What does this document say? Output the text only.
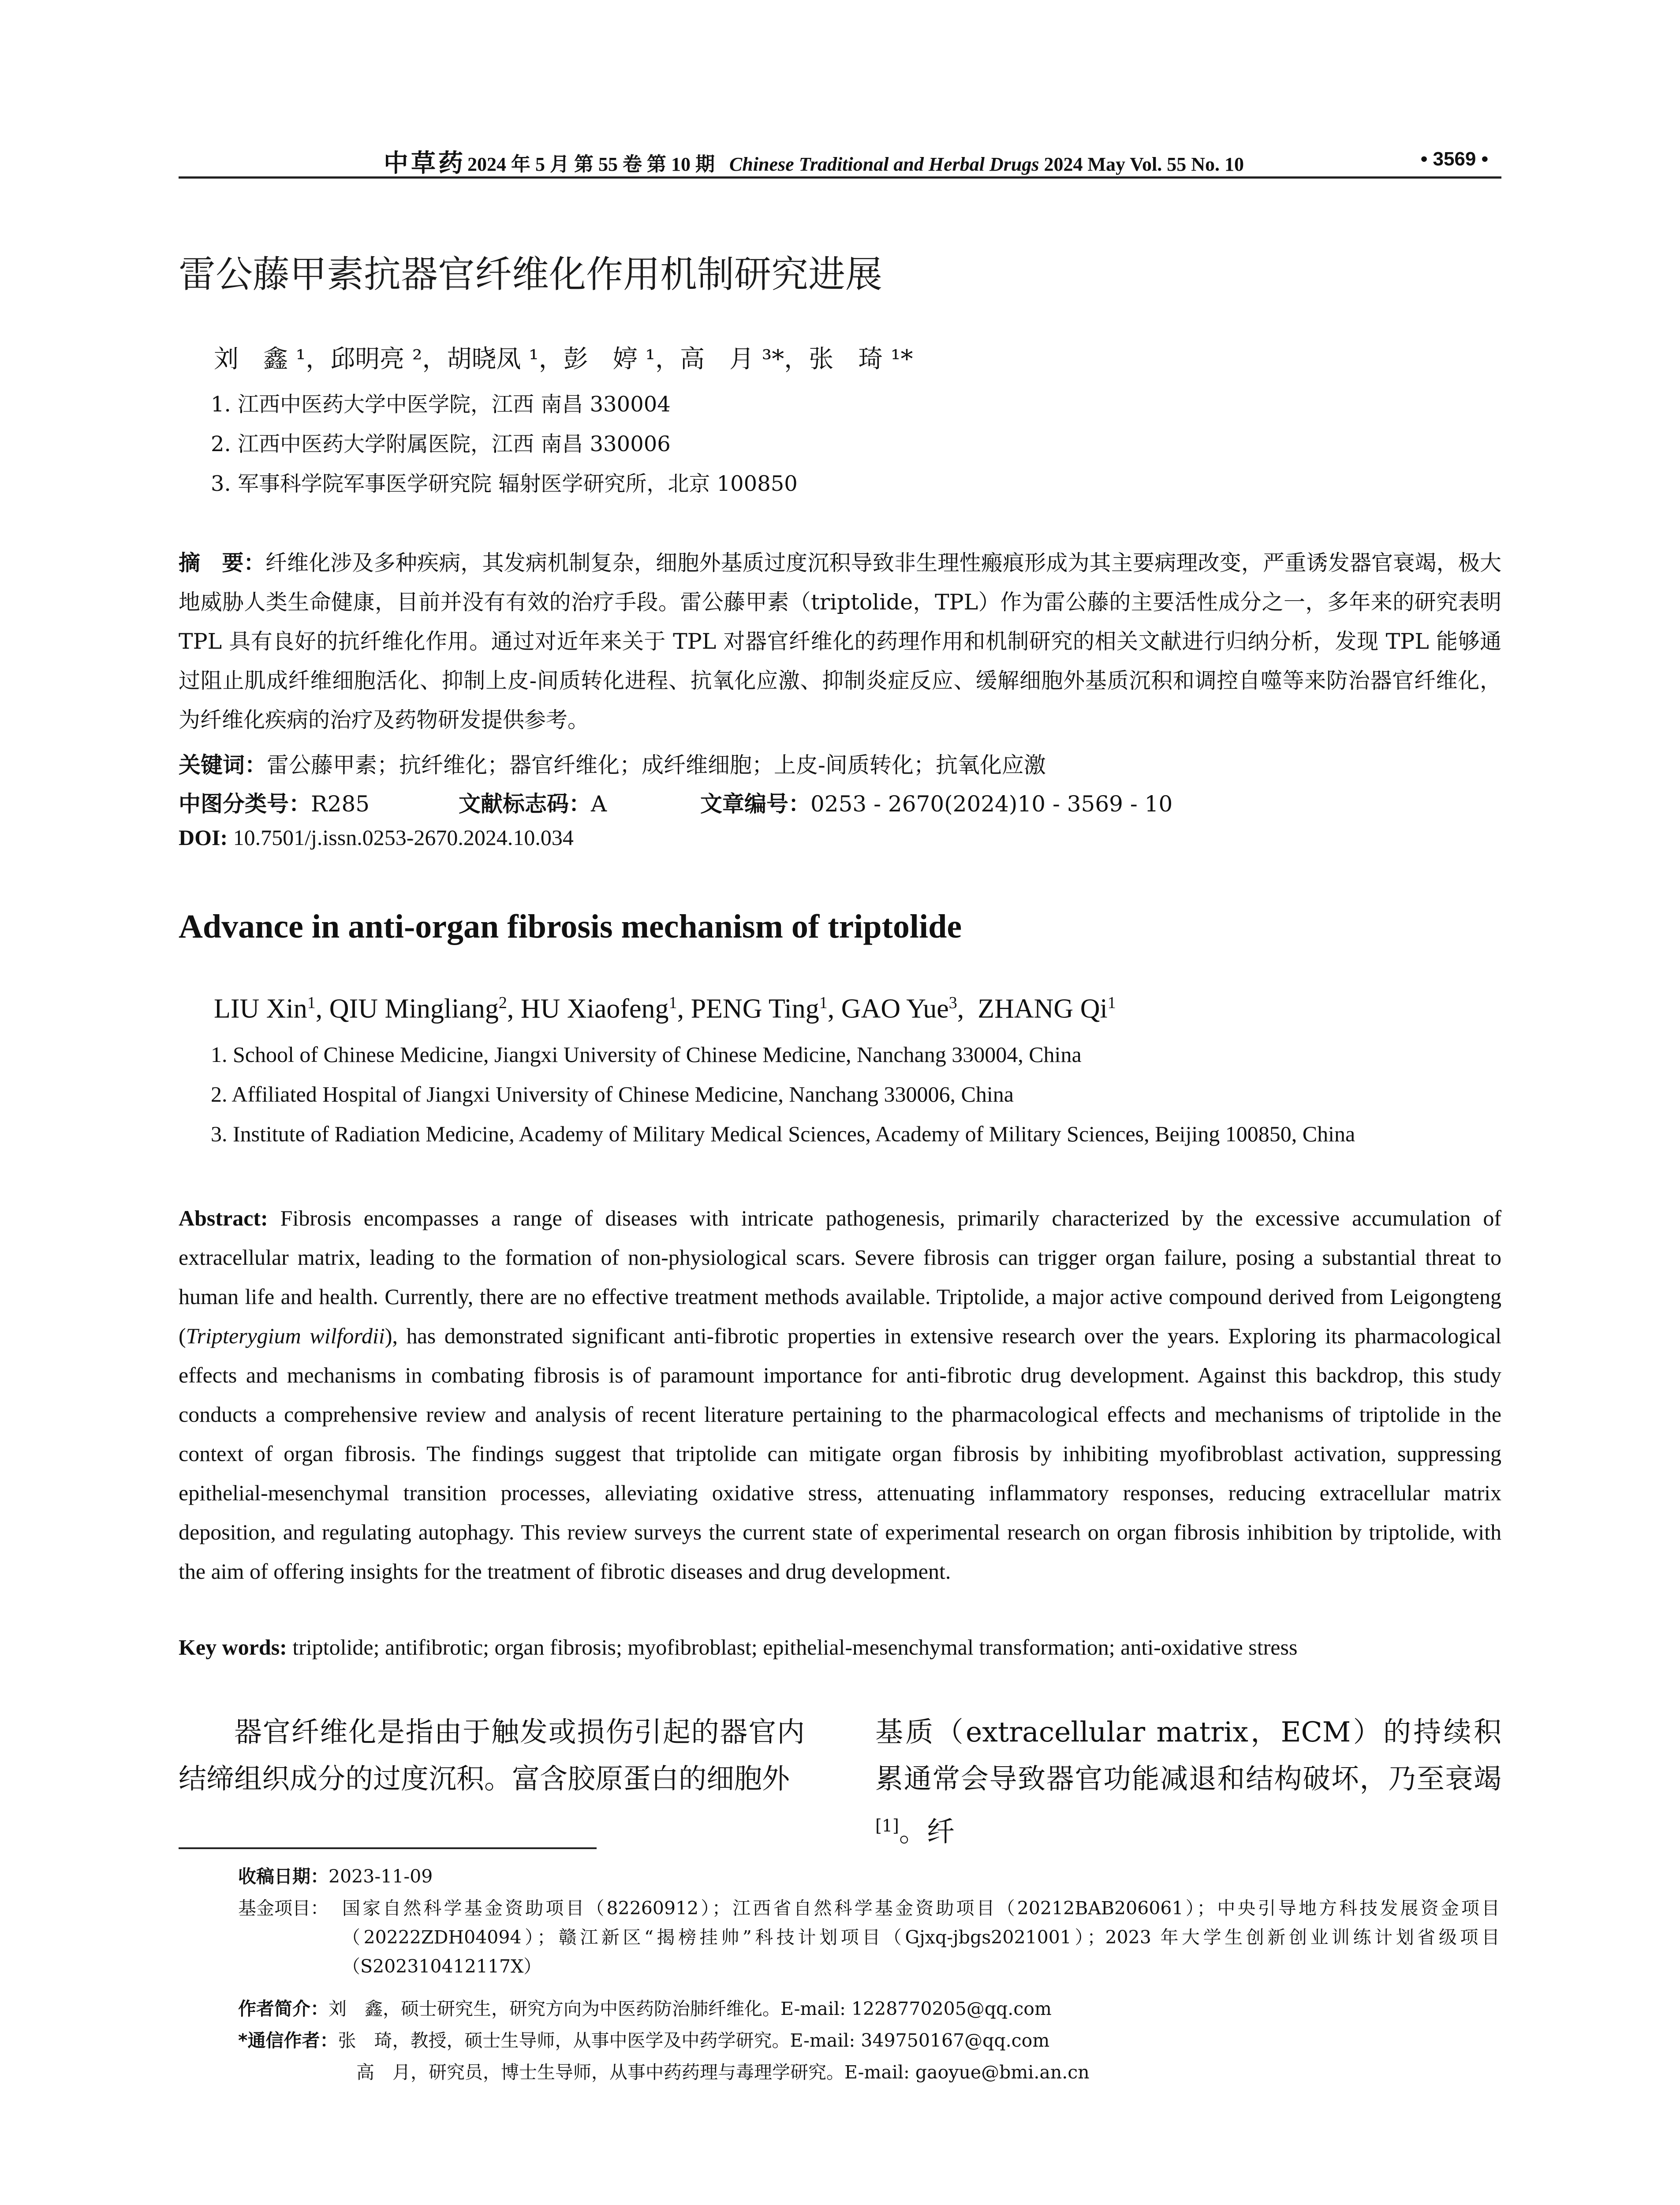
中草药 2024 年 5 月 第 55 卷 第 10 期 Chinese Traditional and Herbal Drugs 2024 May Vol. 55 No. 10	• 3569 •
雷公藤甲素抗器官纤维化作用机制研究进展
刘　鑫 ¹，邱明亮 ²，胡晓凤 ¹，彭　婷 ¹，高　月 ³*，张　琦 ¹*
1. 江西中医药大学中医学院，江西 南昌 330004
2. 江西中医药大学附属医院，江西 南昌 330006
3. 军事科学院军事医学研究院 辐射医学研究所，北京 100850
摘　要：纤维化涉及多种疾病，其发病机制复杂，细胞外基质过度沉积导致非生理性瘢痕形成为其主要病理改变，严重诱发器官衰竭，极大地威胁人类生命健康，目前并没有有效的治疗手段。雷公藤甲素（triptolide，TPL）作为雷公藤的主要活性成分之一，多年来的研究表明 TPL 具有良好的抗纤维化作用。通过对近年来关于 TPL 对器官纤维化的药理作用和机制研究的相关文献进行归纳分析，发现 TPL 能够通过阻止肌成纤维细胞活化、抑制上皮-间质转化进程、抗氧化应激、抑制炎症反应、缓解细胞外基质沉积和调控自噬等来防治器官纤维化，为纤维化疾病的治疗及药物研发提供参考。
关键词：雷公藤甲素；抗纤维化；器官纤维化；成纤维细胞；上皮-间质转化；抗氧化应激
中图分类号：R285	文献标志码：A	文章编号：0253 - 2670(2024)10 - 3569 - 10
DOI: 10.7501/j.issn.0253-2670.2024.10.034
Advance in anti-organ fibrosis mechanism of triptolide
LIU Xin$^1$, QIU Mingliang$^2$, HU Xiaofeng$^1$, PENG Ting$^1$, GAO Yue$^3$,  ZHANG Qi$^1$
1. School of Chinese Medicine, Jiangxi University of Chinese Medicine, Nanchang 330004, China
2. Affiliated Hospital of Jiangxi University of Chinese Medicine, Nanchang 330006, China
3. Institute of Radiation Medicine, Academy of Military Medical Sciences, Academy of Military Sciences, Beijing 100850, China
Abstract: Fibrosis encompasses a range of diseases with intricate pathogenesis, primarily characterized by the excessive accumulation of extracellular matrix, leading to the formation of non-physiological scars. Severe fibrosis can trigger organ failure, posing a substantial threat to human life and health. Currently, there are no effective treatment methods available. Triptolide, a major active compound derived from Leigongteng (Tripterygium wilfordii), has demonstrated significant anti-fibrotic properties in extensive research over the years. Exploring its pharmacological effects and mechanisms in combating fibrosis is of paramount importance for anti-fibrotic drug development. Against this backdrop, this study conducts a comprehensive review and analysis of recent literature pertaining to the pharmacological effects and mechanisms of triptolide in the context of organ fibrosis. The findings suggest that triptolide can mitigate organ fibrosis by inhibiting myofibroblast activation, suppressing epithelial-mesenchymal transition processes, alleviating oxidative stress, attenuating inflammatory responses, reducing extracellular matrix deposition, and regulating autophagy. This review surveys the current state of experimental research on organ fibrosis inhibition by triptolide, with the aim of offering insights for the treatment of fibrotic diseases and drug development.
Key words: triptolide; antifibrotic; organ fibrosis; myofibroblast; epithelial-mesenchymal transformation; anti-oxidative stress
器官纤维化是指由于触发或损伤引起的器官内结缔组织成分的过度沉积。富含胶原蛋白的细胞外
基质（extracellular matrix，ECM）的持续积累通常会导致器官功能减退和结构破坏，乃至衰竭[1]。纤
收稿日期：2023-11-09
基金项目： 国家自然科学基金资助项目（82260912）；江西省自然科学基金资助项目（20212BAB206061）；中央引导地方科技发展资金项目（20222ZDH04094）；赣江新区“揭榜挂帅”科技计划项目（Gjxq-jbgs2021001）；2023 年大学生创新创业训练计划省级项目（S202310412117X）
作者简介：刘　鑫，硕士研究生，研究方向为中医药防治肺纤维化。E-mail: 1228770205@qq.com
*通信作者：张　琦，教授，硕士生导师，从事中医学及中药学研究。E-mail: 349750167@qq.com
高　月，研究员，博士生导师，从事中药药理与毒理学研究。E-mail: gaoyue@bmi.an.cn
